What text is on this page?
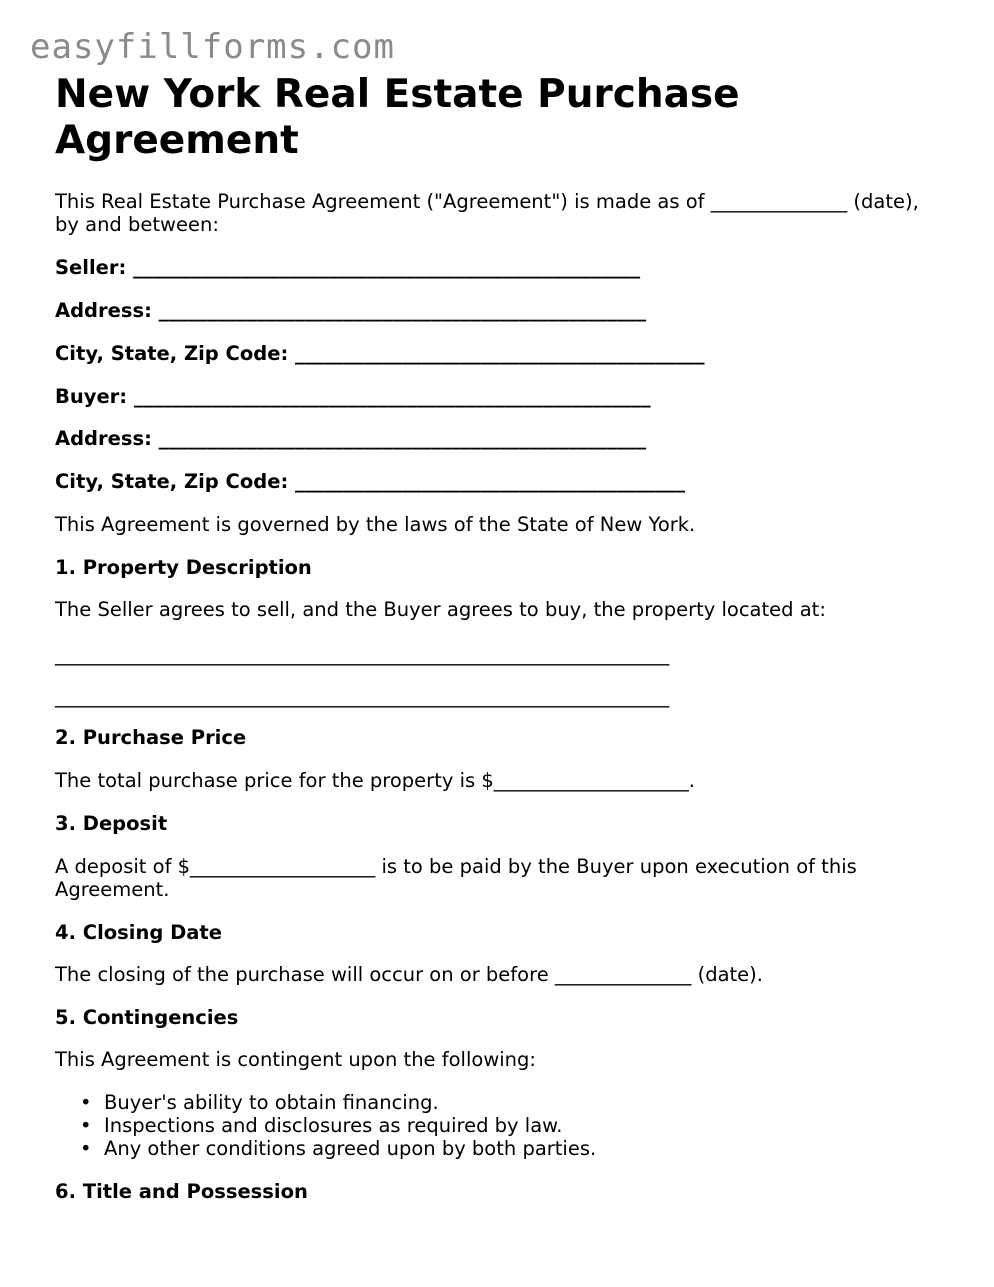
easyfillforms.com
New York Real Estate Purchase Agreement

This Real Estate Purchase Agreement ("Agreement") is made as of ______________ (date), by and between:

Seller: ____________________________________________________

Address: __________________________________________________

City, State, Zip Code: __________________________________________

Buyer: _____________________________________________________

Address: __________________________________________________

City, State, Zip Code: ________________________________________

This Agreement is governed by the laws of the State of New York.

1. Property Description

The Seller agrees to sell, and the Buyer agrees to buy, the property located at:

_______________________________________________________________

_______________________________________________________________

2. Purchase Price

The total purchase price for the property is $____________________.

3. Deposit

A deposit of $___________________ is to be paid by the Buyer upon execution of this Agreement.

4. Closing Date

The closing of the purchase will occur on or before ______________ (date).

5. Contingencies

This Agreement is contingent upon the following:

• Buyer's ability to obtain financing.
• Inspections and disclosures as required by law.
• Any other conditions agreed upon by both parties.

6. Title and Possession
